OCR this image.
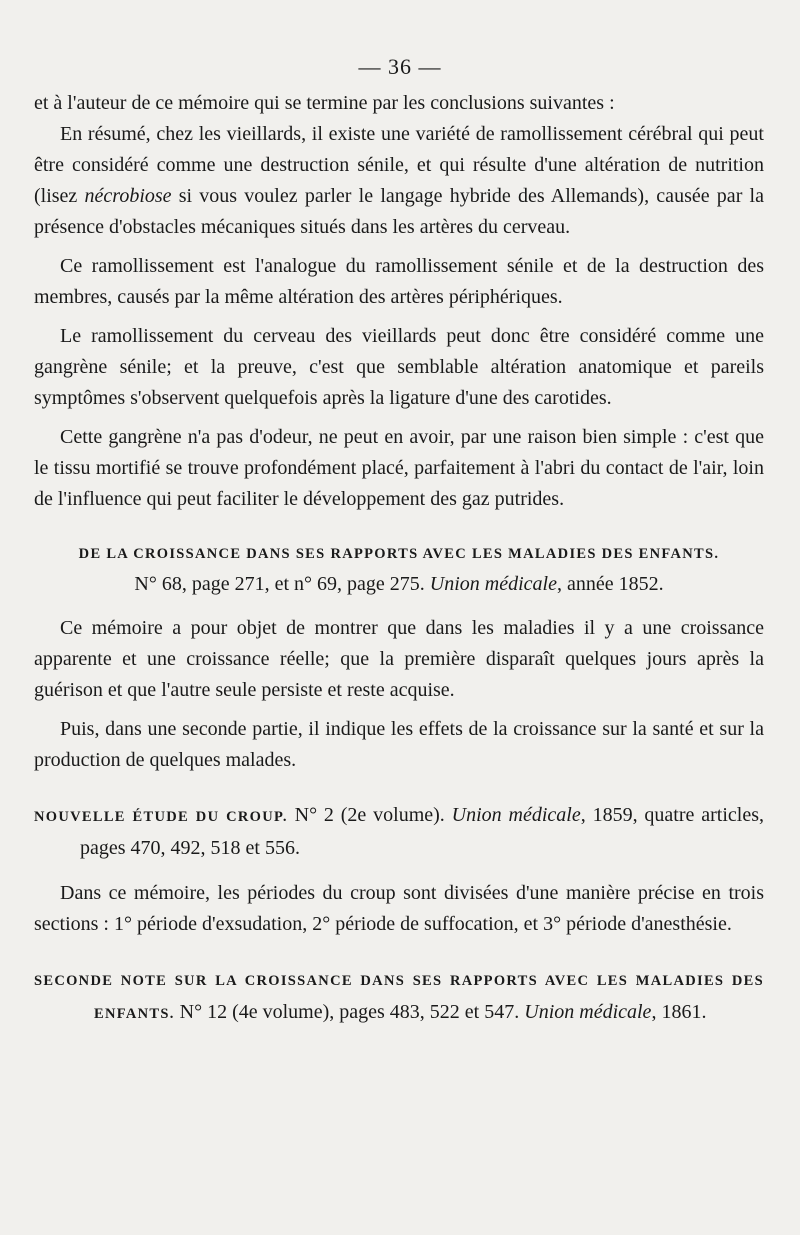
— 36 —

et à l'auteur de ce mémoire qui se termine par les conclusions suivantes :

En résumé, chez les vieillards, il existe une variété de ramollissement cérébral qui peut être considéré comme une destruction sénile, et qui résulte d'une altération de nutrition (lisez nécrobiose si vous voulez parler le langage hybride des Allemands), causée par la présence d'obstacles mécaniques situés dans les artères du cerveau.

Ce ramollissement est l'analogue du ramollissement sénile et de la destruction des membres, causés par la même altération des artères périphériques.

Le ramollissement du cerveau des vieillards peut donc être considéré comme une gangrène sénile; et la preuve, c'est que semblable altération anatomique et pareils symptômes s'observent quelquefois après la ligature d'une des carotides.

Cette gangrène n'a pas d'odeur, ne peut en avoir, par une raison bien simple : c'est que le tissu mortifié se trouve profondément placé, parfaitement à l'abri du contact de l'air, loin de l'influence qui peut faciliter le développement des gaz putrides.

DE LA CROISSANCE DANS SES RAPPORTS AVEC LES MALADIES DES ENFANTS.

N° 68, page 271, et n° 69, page 275. Union médicale, année 1852.

Ce mémoire a pour objet de montrer que dans les maladies il y a une croissance apparente et une croissance réelle; que la première disparaît quelques jours après la guérison et que l'autre seule persiste et reste acquise.

Puis, dans une seconde partie, il indique les effets de la croissance sur la santé et sur la production de quelques malades.

NOUVELLE ÉTUDE DU CROUP. N° 2 (2e volume). Union médicale, 1859, quatre articles, pages 470, 492, 518 et 556.

Dans ce mémoire, les périodes du croup sont divisées d'une manière précise en trois sections : 1° période d'exsudation, 2° période de suffocation, et 3° période d'anesthésie.

SECONDE NOTE SUR LA CROISSANCE DANS SES RAPPORTS AVEC LES MALADIES DES ENFANTS. N° 12 (4e volume), pages 483, 522 et 547. Union médicale, 1861.
